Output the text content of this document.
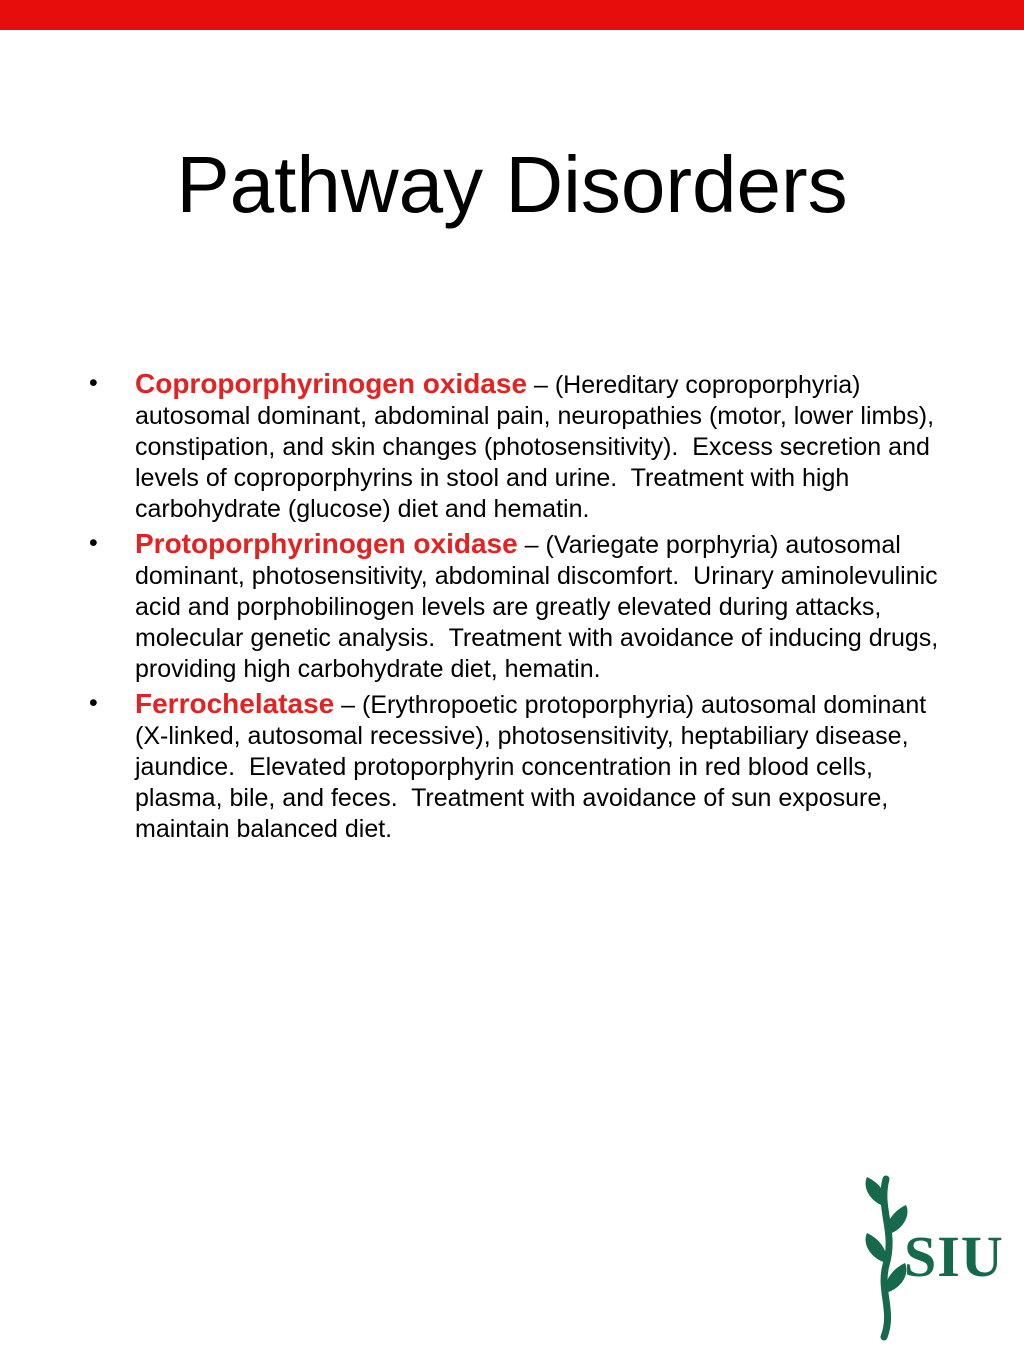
Pathway Disorders
• Coproporphyrinogen oxidase – (Hereditary coproporphyria) autosomal dominant, abdominal pain, neuropathies (motor, lower limbs), constipation, and skin changes (photosensitivity).  Excess secretion and levels of coproporphyrins in stool and urine.  Treatment with high carbohydrate (glucose) diet and hematin.
• Protoporphyrinogen oxidase – (Variegate porphyria) autosomal dominant, photosensitivity, abdominal discomfort.  Urinary aminolevulinic acid and porphobilinogen levels are greatly elevated during attacks, molecular genetic analysis.  Treatment with avoidance of inducing drugs, providing high carbohydrate diet, hematin.
• Ferrochelatase – (Erythropoetic protoporphyria) autosomal dominant (X-linked, autosomal recessive), photosensitivity, heptabiliary disease, jaundice.  Elevated protoporphyrin concentration in red blood cells, plasma, bile, and feces.  Treatment with avoidance of sun exposure, maintain balanced diet.
SIU
